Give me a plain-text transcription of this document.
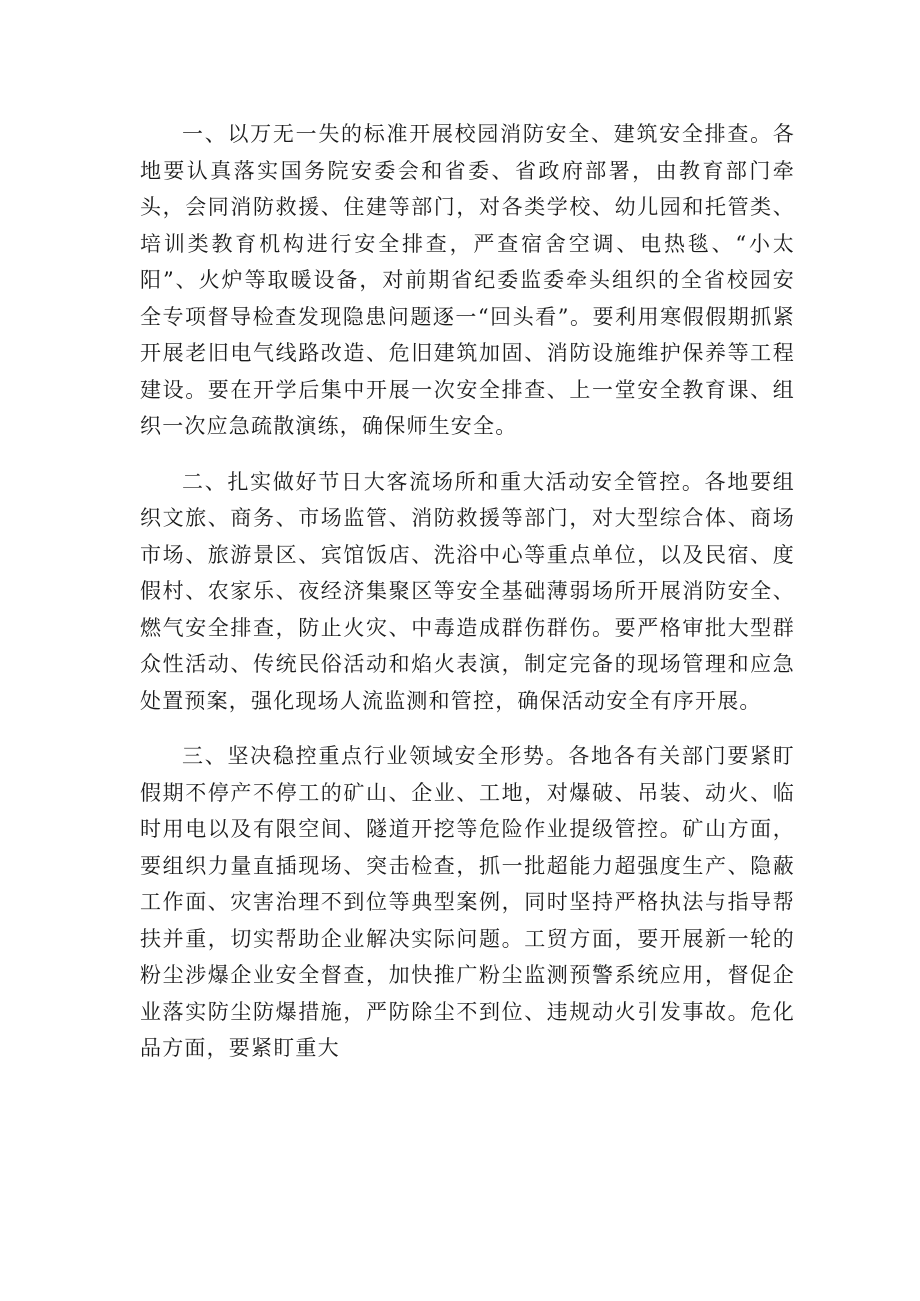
一、以万无一失的标准开展校园消防安全、建筑安全排查。各地要认真落实国务院安委会和省委、省政府部署，由教育部门牵头，会同消防救援、住建等部门，对各类学校、幼儿园和托管类、培训类教育机构进行安全排查，严查宿舍空调、电热毯、“小太阳”、火炉等取暖设备，对前期省纪委监委牵头组织的全省校园安全专项督导检查发现隐患问题逐一“回头看”。要利用寒假假期抓紧开展老旧电气线路改造、危旧建筑加固、消防设施维护保养等工程建设。要在开学后集中开展一次安全排查、上一堂安全教育课、组织一次应急疏散演练，确保师生安全。

二、扎实做好节日大客流场所和重大活动安全管控。各地要组织文旅、商务、市场监管、消防救援等部门，对大型综合体、商场市场、旅游景区、宾馆饭店、洗浴中心等重点单位，以及民宿、度假村、农家乐、夜经济集聚区等安全基础薄弱场所开展消防安全、燃气安全排查，防止火灾、中毒造成群伤群伤。要严格审批大型群众性活动、传统民俗活动和焰火表演，制定完备的现场管理和应急处置预案，强化现场人流监测和管控，确保活动安全有序开展。

三、坚决稳控重点行业领域安全形势。各地各有关部门要紧盯假期不停产不停工的矿山、企业、工地，对爆破、吊装、动火、临时用电以及有限空间、隧道开挖等危险作业提级管控。矿山方面，要组织力量直插现场、突击检查，抓一批超能力超强度生产、隐蔽工作面、灾害治理不到位等典型案例，同时坚持严格执法与指导帮扶并重，切实帮助企业解决实际问题。工贸方面，要开展新一轮的粉尘涉爆企业安全督查，加快推广粉尘监测预警系统应用，督促企业落实防尘防爆措施，严防除尘不到位、违规动火引发事故。危化品方面，要紧盯重大
